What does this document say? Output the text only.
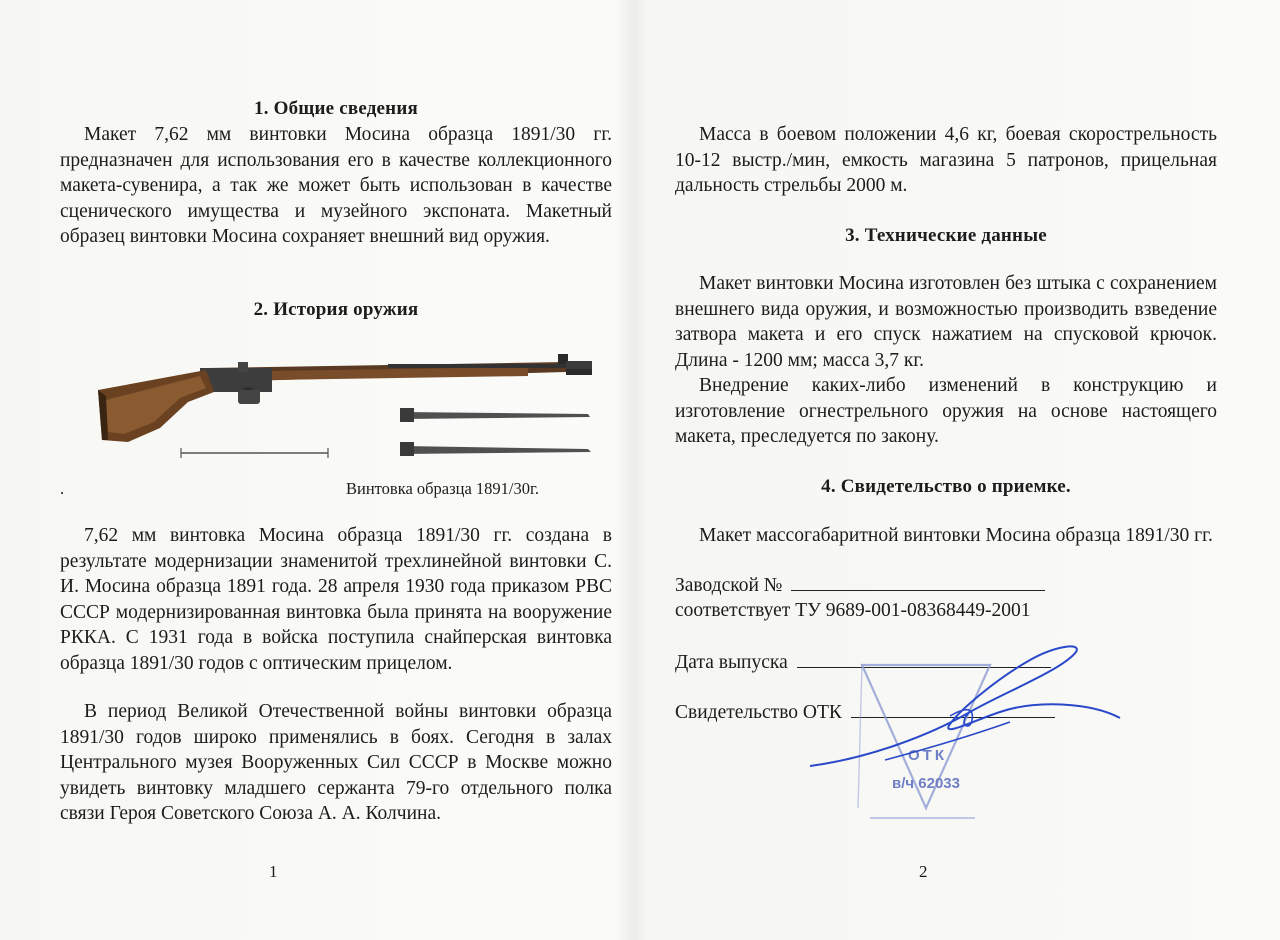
1. Общие сведения

Макет 7,62 мм винтовки Мосина образца 1891/30 гг. предназначен для использования его в качестве коллекционного макета-сувенира, а так же может быть использован в качестве сценического имущества и музейного экспоната. Макетный образец винтовки Мосина сохраняет внешний вид оружия.

2. История оружия
.	Винтовка образца 1891/30г.

7,62 мм винтовка Мосина образца 1891/30 гг. создана в результате модернизации знаменитой трехлинейной винтовки С. И. Мосина образца 1891 года. 28 апреля 1930 года приказом РВС СССР модернизированная винтовка была принята на вооружение РККА. С 1931 года в войска поступила снайперская винтовка образца 1891/30 годов с оптическим прицелом.

В период Великой Отечественной войны винтовки образца 1891/30 годов широко применялись в боях. Сегодня в залах Центрального музея Вооруженных Сил СССР в Москве можно увидеть винтовку младшего сержанта 79-го отдельного полка связи Героя Советского Союза А. А. Колчина.

1

Масса в боевом положении 4,6 кг, боевая скорострельность 10-12 выстр./мин, емкость магазина 5 патронов, прицельная дальность стрельбы 2000 м.

3. Технические данные

Макет винтовки Мосина изготовлен без штыка с сохранением внешнего вида оружия, и возможностью производить взведение затвора макета и его спуск нажатием на спусковой крючок. Длина - 1200 мм; масса 3,7 кг.

Внедрение каких-либо изменений в конструкцию и изготовление огнестрельного оружия на основе настоящего макета, преследуется по закону.

4. Свидетельство о приемке.

Макет массогабаритной винтовки Мосина образца 1891/30 гг.

Заводской №
соответствует ТУ 9689-001-08368449-2001
Дата выпуска
Свидетельство ОТК
2
ОТК
в/ч 62033
